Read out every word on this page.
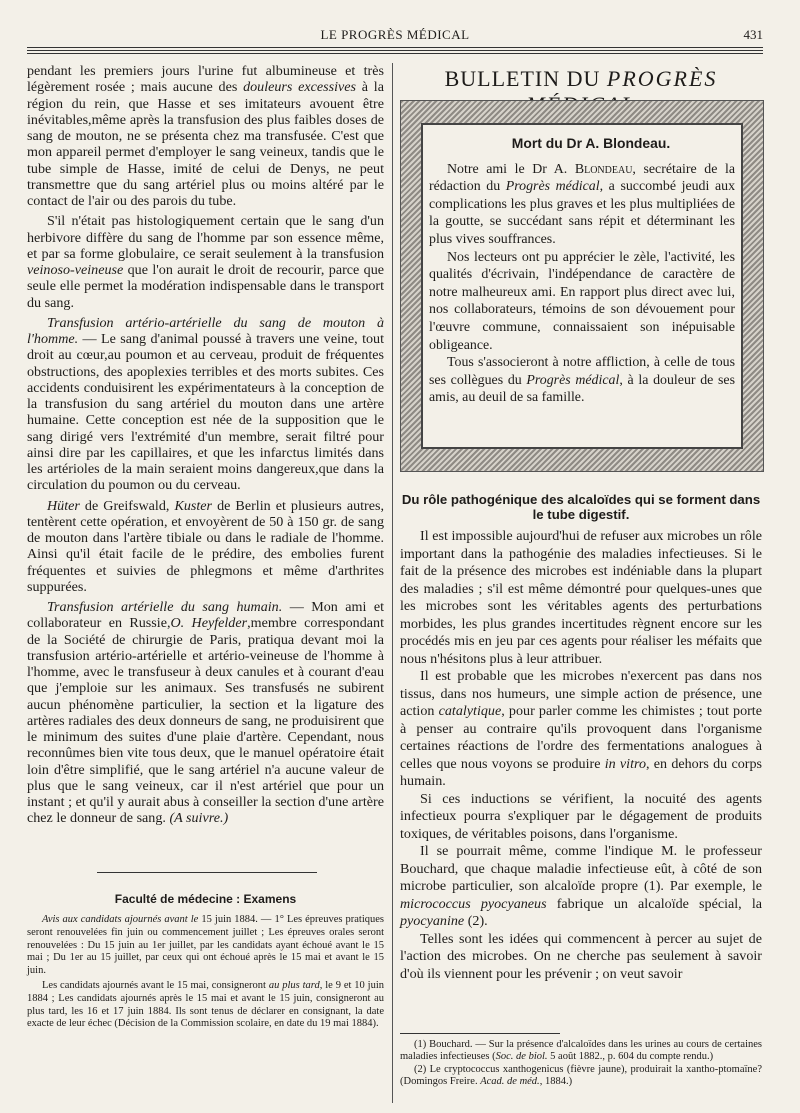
LE PROGRÈS MÉDICAL	431

pendant les premiers jours l'urine fut albumineuse et très légèrement rosée ; mais aucune des douleurs excessives à la région du rein, que Hasse et ses imitateurs avouent être inévitables,même après la transfusion des plus faibles doses de sang de mouton, ne se présenta chez ma transfusée. C'est que mon appareil permet d'employer le sang veineux, tandis que le tube simple de Hasse, imité de celui de Denys, ne peut transmettre que du sang artériel plus ou moins altéré par le contact de l'air ou des parois du tube.

S'il n'était pas histologiquement certain que le sang d'un herbivore diffère du sang de l'homme par son essence même, et par sa forme globulaire, ce serait seulement à la transfusion veinoso-veineuse que l'on aurait le droit de recourir, parce que seule elle permet la modération indispensable dans le transport du sang.

Transfusion artério-artérielle du sang de mouton à l'homme. — Le sang d'animal poussé à travers une veine, tout droit au cœur,au poumon et au cerveau, produit de fréquentes obstructions, des apoplexies terribles et des morts subites. Ces accidents conduisirent les expérimentateurs à la conception de la transfusion du sang artériel du mouton dans une artère humaine. Cette conception est née de la supposition que le sang dirigé vers l'extrémité d'un membre, serait filtré pour ainsi dire par les capillaires, et que les infarctus limités dans les artérioles de la main seraient moins dangereux,que dans la circulation du poumon ou du cerveau.

Hüter de Greifswald, Kuster de Berlin et plusieurs autres, tentèrent cette opération, et envoyèrent de 50 à 150 gr. de sang de mouton dans l'artère tibiale ou dans le radiale de l'homme. Ainsi qu'il était facile de le prédire, des embolies furent fréquentes et suivies de phlegmons et même d'arthrites suppurées.

Transfusion artérielle du sang humain. — Mon ami et collaborateur en Russie,O. Heyfelder,membre correspondant de la Société de chirurgie de Paris, pratiqua devant moi la transfusion artério-artérielle et artério-veineuse de l'homme à l'homme, avec le transfuseur à deux canules et à courant d'eau que j'emploie sur les animaux. Ses transfusés ne subirent aucun phénomène particulier, la section et la ligature des artères radiales des deux donneurs de sang, ne produisirent que le minimum des suites d'une plaie d'artère. Cependant, nous reconnûmes bien vite tous deux, que le manuel opératoire était loin d'être simplifié, que le sang artériel n'a aucune valeur de plus que le sang veineux, car il n'est artériel que pour un instant ; et qu'il y aurait abus à conseiller la section d'une artère chez le donneur de sang. (A suivre.)

Faculté de médecine : Examens

Avis aux candidats ajournés avant le 15 juin 1884. — 1° Les épreuves pratiques seront renouvelées fin juin ou commencement juillet ; Les épreuves orales seront renouvelées : Du 15 juin au 1er juillet, par les candidats ayant échoué avant le 15 mai ; Du 1er au 15 juillet, par ceux qui ont échoué après le 15 mai et avant le 15 juin.

Les candidats ajournés avant le 15 mai, consigneront au plus tard, le 9 et 10 juin 1884 ; Les candidats ajournés après le 15 mai et avant le 15 juin, consigneront au plus tard, les 16 et 17 juin 1884. Ils sont tenus de déclarer en consignant, la date exacte de leur échec (Décision de la Commission scolaire, en date du 19 mai 1884).

BULLETIN DU PROGRÈS

Mort du Dr A. Blondeau.

Notre ami le Dr A. Blondeau, secrétaire de la rédaction du Progrès médical, a succombé jeudi aux complications les plus graves et les plus multipliées de la goutte, se succédant sans répit et déterminant les plus vives souffrances.

Nos lecteurs ont pu apprécier le zèle, l'activité, les qualités d'écrivain, l'indépendance de caractère de notre malheureux ami. En rapport plus direct avec lui, nos collaborateurs, témoins de son dévouement pour l'œuvre commune, connaissaient son inépuisable obligeance.

Tous s'associeront à notre affliction, à celle de tous ses collègues du Progrès médical, à la douleur de ses amis, au deuil de sa famille.

Du rôle pathogénique des alcaloïdes qui se forment dans le tube digestif.

Il est impossible aujourd'hui de refuser aux microbes un rôle important dans la pathogénie des maladies infectieuses. Si le fait de la présence des microbes est indéniable dans la plupart des maladies ; s'il est même démontré pour quelques-unes que les microbes sont les véritables agents des perturbations morbides, les plus grandes incertitudes règnent encore sur les procédés mis en jeu par ces agents pour réaliser les méfaits que nous n'hésitons plus à leur attribuer.

Il est probable que les microbes n'exercent pas dans nos tissus, dans nos humeurs, une simple action de présence, une action catalytique, pour parler comme les chimistes ; tout porte à penser au contraire qu'ils provoquent dans l'organisme certaines réactions de l'ordre des fermentations analogues à celles que nous voyons se produire in vitro, en dehors du corps humain.

Si ces inductions se vérifient, la nocuité des agents infectieux pourra s'expliquer par le dégagement de produits toxiques, de véritables poisons, dans l'organisme.

Il se pourrait même, comme l'indique M. le professeur Bouchard, que chaque maladie infectieuse eût, à côté de son microbe particulier, son alcaloïde propre (1). Par exemple, le micrococcus pyocyaneus fabrique un alcaloïde spécial, la pyocyanine (2).

Telles sont les idées qui commencent à percer au sujet de l'action des microbes. On ne cherche pas seulement à savoir d'où ils viennent pour les prévenir ; on veut savoir

(1) Bouchard. — Sur la présence d'alcaloïdes dans les urines au cours de certaines maladies infectieuses (Soc. de biol. 5 août 1882., p. 604 du compte rendu.)

(2) Le cryptococcus xanthogenicus (fièvre jaune), produirait la xantho-ptomaïne? (Domingos Freire. Acad. de méd., 1884.)
